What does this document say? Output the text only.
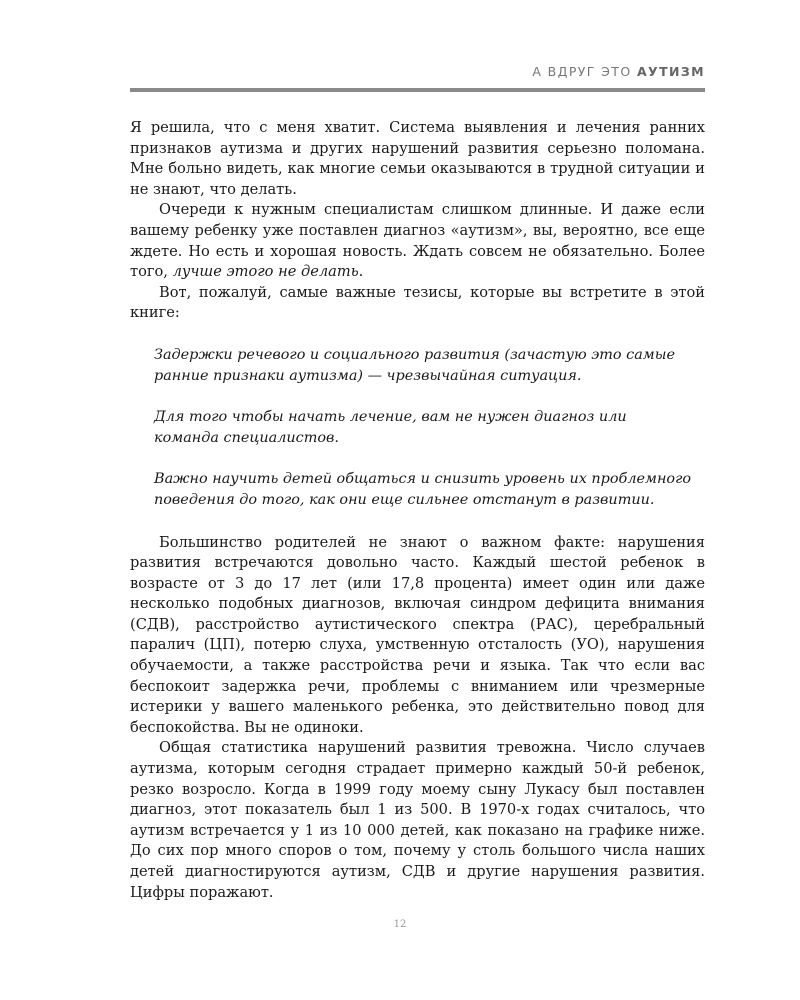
А ВДРУГ ЭТО АУТИЗМ

Я решила, что с меня хватит. Система выявления и лечения ранних признаков аутизма и других нарушений развития серьезно поломана. Мне больно видеть, как многие семьи оказываются в трудной ситуации и не знают, что делать.

Очереди к нужным специалистам слишком длинные. И даже если вашему ребенку уже поставлен диагноз «аутизм», вы, вероятно, все еще ждете. Но есть и хорошая новость. Ждать совсем не обязательно. Более того, лучше этого не делать.

Вот, пожалуй, самые важные тезисы, которые вы встретите в этой книге:

Задержки речевого и социального развития (зачастую это самые ранние признаки аутизма) — чрезвычайная ситуация.

Для того чтобы начать лечение, вам не нужен диагноз или команда специалистов.

Важно научить детей общаться и снизить уровень их проблемного поведения до того, как они еще сильнее отстанут в развитии.

Большинство родителей не знают о важном факте: нарушения развития встречаются довольно часто. Каждый шестой ребенок в возрасте от 3 до 17 лет (или 17,8 процента) имеет один или даже несколько подобных диагнозов, включая синдром дефицита внимания (СДВ), расстройство аутистического спектра (РАС), церебральный паралич (ЦП), потерю слуха, умственную отсталость (УО), нарушения обучаемости, а также расстройства речи и языка. Так что если вас беспокоит задержка речи, проблемы с вниманием или чрезмерные истерики у вашего маленького ребенка, это действительно повод для беспокойства. Вы не одиноки.

Общая статистика нарушений развития тревожна. Число случаев аутизма, которым сегодня страдает примерно каждый 50-й ребенок, резко возросло. Когда в 1999 году моему сыну Лукасу был поставлен диагноз, этот показатель был 1 из 500. В 1970-х годах считалось, что аутизм встречается у 1 из 10 000 детей, как показано на графике ниже. До сих пор много споров о том, почему у столь большого числа наших детей диагностируются аутизм, СДВ и другие нарушения развития. Цифры поражают.

12
